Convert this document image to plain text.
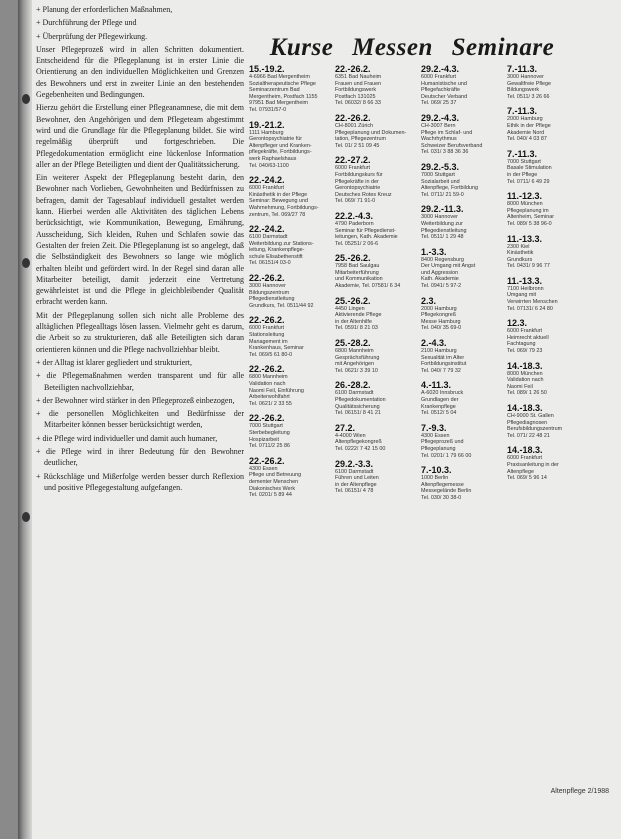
+ Planung der erforderlichen Maßnahmen,

+ Durchführung der Pflege und

+ Überprüfung der Pflegewirkung.

Unser Pflegeprozeß wird in allen Schritten dokumentiert. Entscheidend für die Pflegeplanung ist in erster Linie die Orientierung an den individuellen Möglichkeiten und Grenzen des Bewohners und erst in zweiter Linie an den bestehenden Gegebenheiten und Bedingungen.

Hierzu gehört die Erstellung einer Pflegeanamnese, die mit dem Bewohner, den Angehörigen und dem Pflegeteam abgestimmt wird und die Grundlage für die Pflegeplanung bildet. Sie wird regelmäßig überprüft und fortgeschrieben. Die Pflegedokumentation ermöglicht eine lückenlose Information aller an der Pflege Beteiligten und dient der Qualitätssicherung.

Ein weiterer Aspekt der Pflegeplanung besteht darin, den Bewohner nach Vorlieben, Gewohnheiten und Bedürfnissen zu befragen, damit der Tagesablauf individuell gestaltet werden kann. Hierbei werden alle Aktivitäten des täglichen Lebens berücksichtigt, wie Kommunikation, Bewegung, Ernährung, Ausscheidung, Sich kleiden, Ruhen und Schlafen sowie das Gestalten der freien Zeit. Die Pflegeplanung ist so angelegt, daß die Selbständigkeit des Bewohners so lange wie möglich erhalten bleibt und gefördert wird. In der Regel sind daran alle Mitarbeiter beteiligt, damit jederzeit eine Vertretung gewährleistet ist und die Pflege in gleichbleibender Qualität erbracht werden kann.

Mit der Pflegeplanung sollen sich nicht alle Probleme des alltäglichen Pflegealltags lösen lassen. Vielmehr geht es darum, die Arbeit so zu strukturieren, daß alle Beteiligten sich daran orientieren können und die Pflege nachvollziehbar bleibt.

+ der Alltag ist klarer gegliedert und strukturiert,

+ die Pflegemaßnahmen werden transparent und für alle Beteiligten nachvollziehbar,

+ der Bewohner wird stärker in den Pflegeprozeß einbezogen,

+ die personellen Möglichkeiten und Bedürfnisse der Mitarbeiter können besser berücksichtigt werden,

+ die Pflege wird individueller und damit auch humaner,

+ die Pflege wird in ihrer Bedeutung für den Bewohner deutlicher,

+ Rückschläge und Mißerfolge werden besser durch Reflexion und positive Pflegegestaltung aufgefangen.

Kurse Messen Seminare
15.-19.2.
4-6966 Bad Mergentheim
Sozialtherapeutische Pflege
Seminarzentrum Bad
Mergentheim, Postfach 1155
97951 Bad Mergentheim
Tel. 07931/57-0
19.-21.2.
1111 Hamburg
Gerontopsychiatrie für
Altenpfleger und Kranken-
pflegekräfte, Fortbildungs-
werk Raphaelshaus
Tel. 040/63-1100
22.-24.2.
6000 Frankfurt
Kinästhetik in der Pflege
Seminar: Bewegung und
Wahrnehmung, Fortbildungs-
zentrum, Tel. 069/27 78
22.-24.2.
6100 Darmstadt
Weiterbildung zur Stations-
leitung, Krankenpflege-
schule Elisabethenstift
Tel. 06151/4 03-0
22.-26.2.
3000 Hannover
Bildungszentrum
Pflegedienstleitung
Grundkurs, Tel. 0511/44 92
22.-26.2.
6000 Frankfurt
Stationsleitung
Management im
Krankenhaus, Seminar
Tel. 069/5 61 80-0
22.-26.2.
6800 Mannheim
Validation nach
Naomi Feil, Einführung
Arbeiterwohlfahrt
Tel. 0621/ 2 33 55
22.-26.2.
7000 Stuttgart
Sterbebegleitung
Hospizarbeit
Tel. 0711/2 25 86
22.-26.2.
4300 Essen
Pflege und Betreuung
dementer Menschen
Diakonisches Werk
Tel. 0201/ 5 89 44
22.-26.2.
6351 Bad Nauheim
Frauen und Frauen
Fortbildungswerk
Postfach 131025
Tel. 06032/ 8 66 33
22.-26.2.
CH-8001 Zürich
Pflegeplanung und Dokumen-
tation, Pflegezentrum
Tel. 01/ 2 51 09 45
22.-27.2.
6000 Frankfurt
Fortbildungskurs für
Pflegekräfte in der
Gerontopsychiatrie
Deutsches Rotes Kreuz
Tel. 069/ 71 91-0
22.2.-4.3.
4790 Paderborn
Seminar für Pflegedienst-
leitungen, Kath. Akademie
Tel. 05251/ 2 06-6
25.-26.2.
7958 Bad Saulgau
Mitarbeiterführung
und Kommunikation
Akademie, Tel. 07581/ 6 34
25.-26.2.
4450 Lingen
Aktivierende Pflege
in der Altenhilfe
Tel. 0591/ 8 21 03
25.-28.2.
6800 Mannheim
Gesprächsführung
mit Angehörigen
Tel. 0621/ 3 39 10
26.-28.2.
6100 Darmstadt
Pflegedokumentation
Qualitätssicherung
Tel. 06151/ 8 41 21
27.2.
4-4000 Wien
Altenpflegekongreß
Tel. 0222/ 7 42 15 00
29.2.-3.3.
6100 Darmstadt
Führen und Leiten
in der Altenpflege
Tel. 06151/ 4 78
29.2.-4.3.
6000 Frankfurt
Humanistische und
Pflegefachkräfte
Deutscher Verband
Tel. 069/ 25 37
29.2.-4.3.
CH-3007 Bern
Pflege im Schlaf- und
Wachrhythmus
Schweizer Berufsverband
Tel. 031/ 3 88 36 36
29.2.-5.3.
7000 Stuttgart
Sozialarbeit und
Altenpflege, Fortbildung
Tel. 0711/ 21 59-0
29.2.-11.3.
3000 Hannover
Weiterbildung zur
Pflegedienstleitung
Tel. 0511/ 1 29 48
1.-3.3.
8400 Regensburg
Der Umgang mit Angst
und Aggression
Kath. Akademie
Tel. 0941/ 5 97-2
2.3.
2000 Hamburg
Pflegekongreß
Messe Hamburg
Tel. 040/ 35 69-0
2.-4.3.
2100 Hamburg
Sexualität im Alter
Fortbildungsinstitut
Tel. 040/ 7 79 32
4.-11.3.
A-6020 Innsbruck
Grundlagen der
Krankenpflege
Tel. 0512/ 5 04
7.-9.3.
4300 Essen
Pflegeprozeß und
Pflegeplanung
Tel. 0201/ 1 79 66 00
7.-10.3.
1000 Berlin
Altenpflegemesse
Messegelände Berlin
Tel. 030/ 30 38-0
7.-11.3.
3000 Hannover
Gewaltfreie Pflege
Bildungswerk
Tel. 0511/ 3 26 66
7.-11.3.
2000 Hamburg
Ethik in der Pflege
Akademie Nord
Tel. 040/ 4 03 87
7.-11.3.
7000 Stuttgart
Basale Stimulation
in der Pflege
Tel. 0711/ 6 49 29
11.-12.3.
8000 München
Pflegeplanung im
Altenheim, Seminar
Tel. 089/ 5 38 96-0
11.-13.3.
2300 Kiel
Kinästhetik
Grundkurs
Tel. 0431/ 9 96 77
11.-13.3.
7100 Heilbronn
Umgang mit
Verwirrten Menschen
Tel. 07131/ 6 24 80
12.3.
6000 Frankfurt
Heimrecht aktuell
Fachtagung
Tel. 069/ 79 23
14.-18.3.
8000 München
Validation nach
Naomi Feil
Tel. 089/ 1 26 50
14.-18.3.
CH-9000 St. Gallen
Pflegediagnosen
Berufsbildungszentrum
Tel. 071/ 22 48 21
14.-18.3.
6000 Frankfurt
Praxisanleitung in der
Altenpflege
Tel. 069/ 5 96 14
Altenpflege 2/1988
